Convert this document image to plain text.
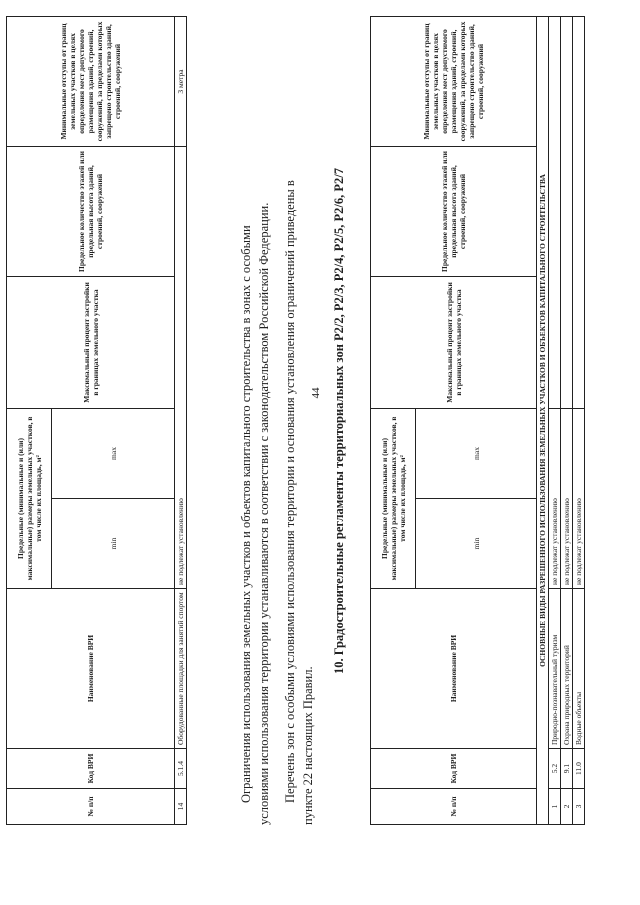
44
№ п/п	Код ВРИ	Наименование ВРИ	Предельные (минимальные и (или) максимальные) размеры земельных участков, в том числе их площадь, м²		Максимальный процент застройки в границах земельного участка	Предельное количество этажей или предельная высота зданий, строений, сооружений	Минимальные отступы от границ земельных участков в целях определения мест допустимого размещения зданий, строений, сооружений, за пределами которых запрещено строительство зданий, строений, сооружений
			min	max			
14	5.1.4	Оборудованные площадки для занятий спортом	не подлежат установлению				3 метра
Ограничения использования земельных участков и объектов капитального строительства в зонах с особыми условиями использования территории устанавливаются в соответствии с законодательством Российской Федерации. Перечень зон с особыми условиями использования территории и основания установления ограничений приведены в пункте 22 настоящих Правил.
10. Градостроительные регламенты территориальных зон Р2/2, Р2/3, Р2/4, Р2/5, Р2/6, Р2/7
№ п/п	Код ВРИ	Наименование ВРИ	Предельные (минимальные и (или) максимальные) размеры земельных участков, в том числе их площадь, м²		Максимальный процент застройки в границах земельного участка	Предельное количество этажей или предельная высота зданий, строений, сооружений	Минимальные отступы от границ земельных участков в целях определения мест допустимого размещения зданий, строений, сооружений, за пределами которых запрещено строительство зданий, строений, сооружений
			min	max			
ОСНОВНЫЕ ВИДЫ РАЗРЕШЕННОГО ИСПОЛЬЗОВАНИЯ ЗЕМЕЛЬНЫХ УЧАСТКОВ И ОБЪЕКТОВ КАПИТАЛЬНОГО СТРОИТЕЛЬСТВА							
1	5.2	Природно-познавательный туризм	не подлежат установлению				
2	9.1	Охрана природных территорий	не подлежат установлению				
3	11.0	Водные объекты	не подлежат установлению				
